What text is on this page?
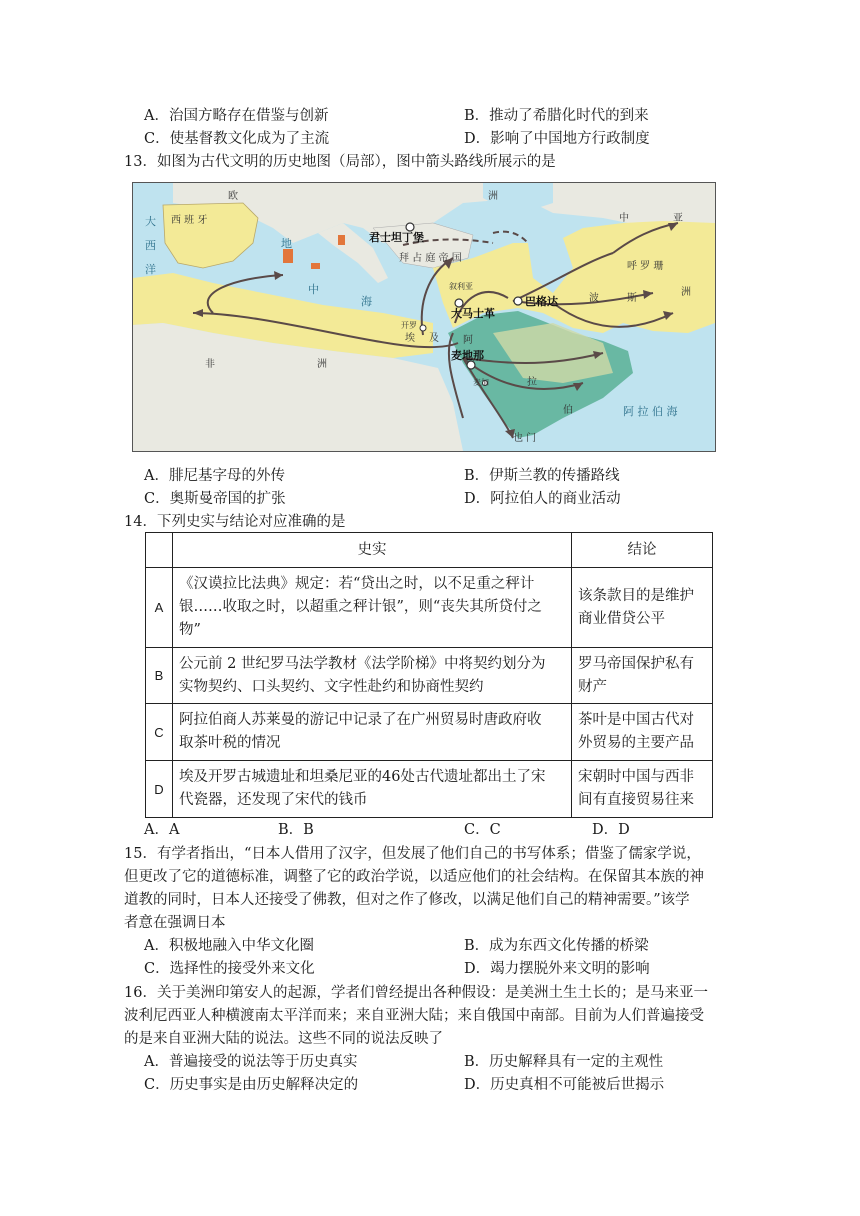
A．治国方略存在借鉴与创新	B．推动了希腊化时代的到来
C．使基督教文化成为了主流	D．影响了中国地方行政制度
13．如图为古代文明的历史地图（局部），图中箭头路线所展示的是
大
西
洋
欧	洲
西 班 牙
君士坦丁堡
拜 占 庭 帝 国
叙利亚
大马士革
巴格达	波	斯
呼 罗 珊
中	亚
洲
开罗
埃 及
非	洲
阿
麦地那
麦加	拉
伯
也 门
阿 拉 伯 海
地
中
海
A．腓尼基字母的外传	B．伊斯兰教的传播路线
C．奥斯曼帝国的扩张	D．阿拉伯人的商业活动
14．下列史实与结论对应准确的是
	史实	结论
A	《汉谟拉比法典》规定：若“贷出之时，以不足重之秤计
银……收取之时，以超重之秤计银”，则“丧失其所贷付之
物”	该条款目的是维护
商业借贷公平

B	公元前 2 世纪罗马法学教材《法学阶梯》中将契约划分为
实物契约、口头契约、文字性赴约和协商性契约	罗马帝国保护私有
财产

C	阿拉伯商人苏莱曼的游记中记录了在广州贸易时唐政府收
取茶叶税的情况	茶叶是中国古代对
外贸易的主要产品

D	埃及开罗古城遗址和坦桑尼亚的46处古代遗址都出土了宋
代瓷器，还发现了宋代的钱币	宋朝时中国与西非
间有直接贸易往来
A．A	B．B	C．C	D．D
15．有学者指出，“日本人借用了汉字，但发展了他们自己的书写体系；借鉴了儒家学说，
但更改了它的道德标准，调整了它的政治学说，以适应他们的社会结构。在保留其本族的神
道教的同时，日本人还接受了佛教，但对之作了修改，以满足他们自己的精神需要。”该学
者意在强调日本
A．积极地融入中华文化圈	B．成为东西文化传播的桥梁
C．选择性的接受外来文化	D．竭力摆脱外来文明的影响
16．关于美洲印第安人的起源，学者们曾经提出各种假设：是美洲土生土长的；是马来亚一
波利尼西亚人种横渡南太平洋而来；来自亚洲大陆；来自俄国中南部。目前为人们普遍接受
的是来自亚洲大陆的说法。这些不同的说法反映了
A．普遍接受的说法等于历史真实	B．历史解释具有一定的主观性
C．历史事实是由历史解释决定的	D．历史真相不可能被后世揭示
